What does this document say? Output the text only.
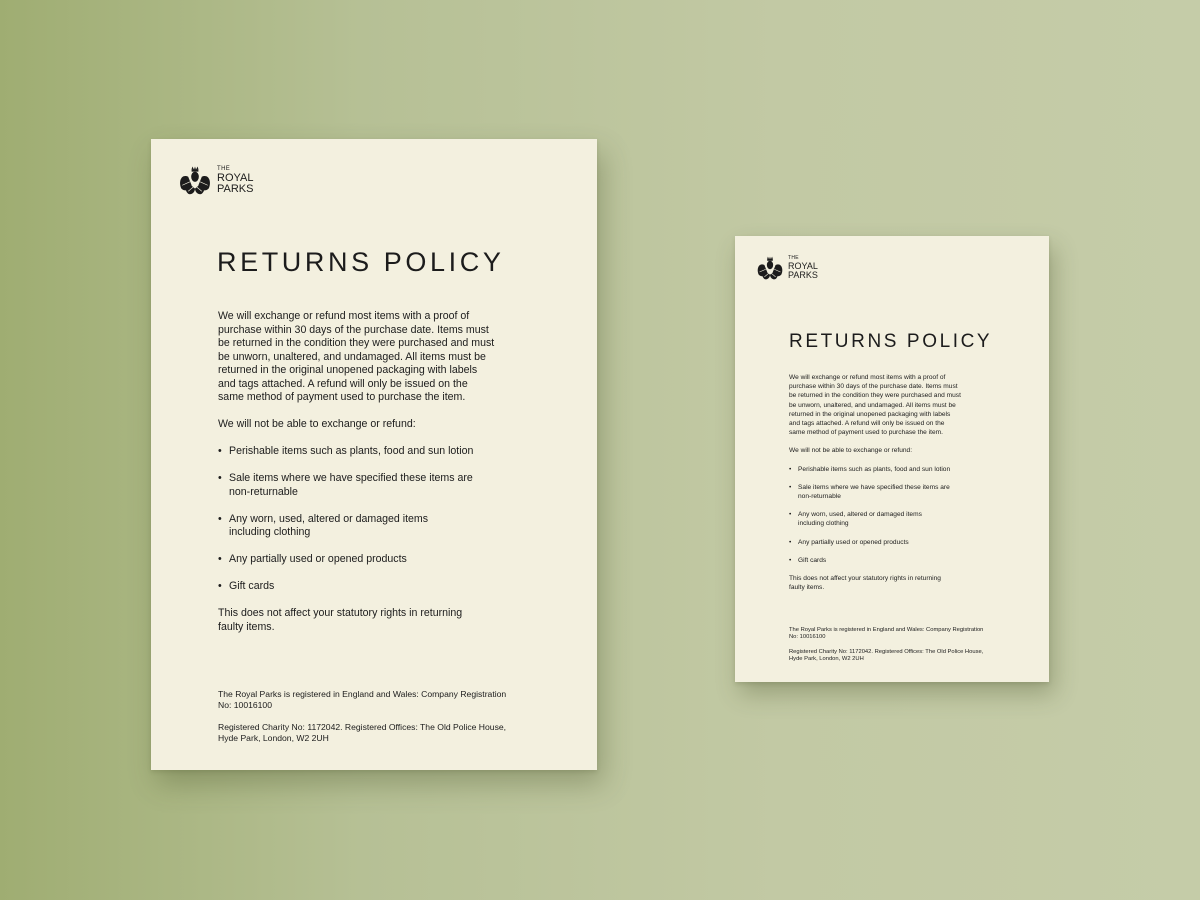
THE
ROYAL
PARKS
RETURNS POLICY

We will exchange or refund most items with a proof of
purchase within 30 days of the purchase date. Items must
be returned in the condition they were purchased and must
be unworn, unaltered, and undamaged. All items must be
returned in the original unopened packaging with labels
and tags attached. A refund will only be issued on the
same method of payment used to purchase the item.

We will not be able to exchange or refund:

• Perishable items such as plants, food and sun lotion
• Sale items where we have specified these items are
non-returnable
• Any worn, used, altered or damaged items
including clothing
• Any partially used or opened products
• Gift cards

This does not affect your statutory rights in returning
faulty items.

The Royal Parks is registered in England and Wales: Company Registration
No: 10016100

Registered Charity No: 1172042. Registered Offices: The Old Police House,
Hyde Park, London, W2 2UH

THE
ROYAL
PARKS
RETURNS POLICY

We will exchange or refund most items with a proof of
purchase within 30 days of the purchase date. Items must
be returned in the condition they were purchased and must
be unworn, unaltered, and undamaged. All items must be
returned in the original unopened packaging with labels
and tags attached. A refund will only be issued on the
same method of payment used to purchase the item.

We will not be able to exchange or refund:

• Perishable items such as plants, food and sun lotion
• Sale items where we have specified these items are
non-returnable
• Any worn, used, altered or damaged items
including clothing
• Any partially used or opened products
• Gift cards

This does not affect your statutory rights in returning
faulty items.

The Royal Parks is registered in England and Wales: Company Registration
No: 10016100

Registered Charity No: 1172042. Registered Offices: The Old Police House,
Hyde Park, London, W2 2UH
